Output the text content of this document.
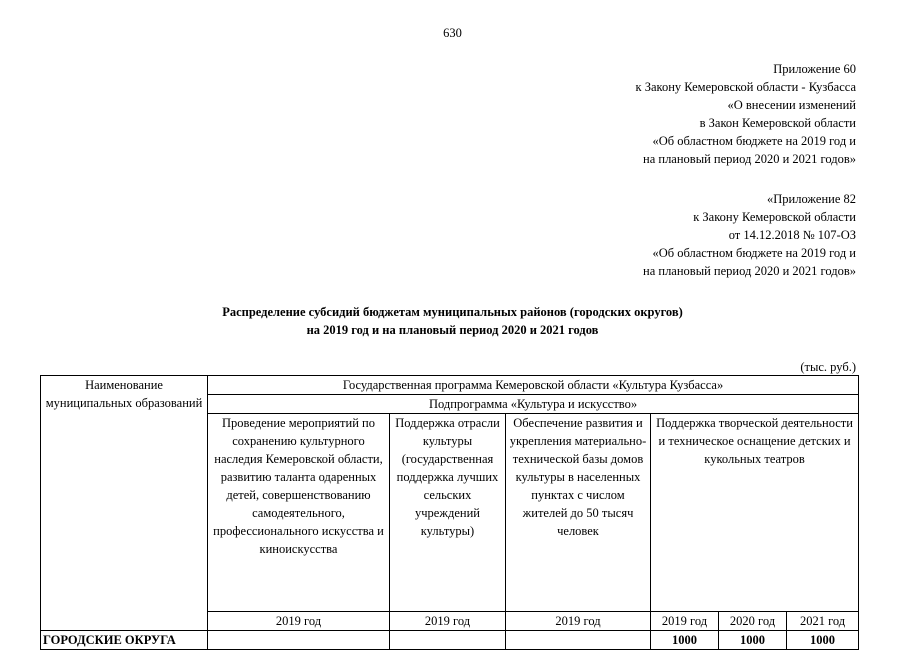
630
Приложение 60
к Закону Кемеровской области - Кузбасса
«О внесении изменений
в Закон Кемеровской области
«Об областном бюджете на 2019 год и
на плановый период 2020 и 2021 годов»
«Приложение 82
к Закону Кемеровской области
от 14.12.2018 № 107-ОЗ
«Об областном бюджете на 2019 год и
на плановый период 2020 и 2021 годов»
Распределение субсидий бюджетам муниципальных районов (городских округов)
на 2019 год и на плановый период 2020 и 2021 годов
(тыс. руб.)
Наименование муниципальных образований	Государственная программа Кемеровской области «Культура Кузбасса»					
	Подпрограмма «Культура и искусство»					
	Проведение мероприятий по сохранению культурного наследия Кемеровской области, развитию таланта одаренных детей, совершенствованию самодеятельного, профессионального искусства и киноискусства	Поддержка отрасли культуры (государственная поддержка лучших сельских учреждений культуры)	Обеспечение развития и укрепления материально-технической базы домов культуры в населенных пунктах с числом жителей до 50 тысяч человек	Поддержка творческой деятельности и техническое оснащение детских и кукольных театров		
	2019 год	2019 год	2019 год	2019 год	2020 год	2021 год
ГОРОДСКИЕ ОКРУГА				1000	1000	1000
